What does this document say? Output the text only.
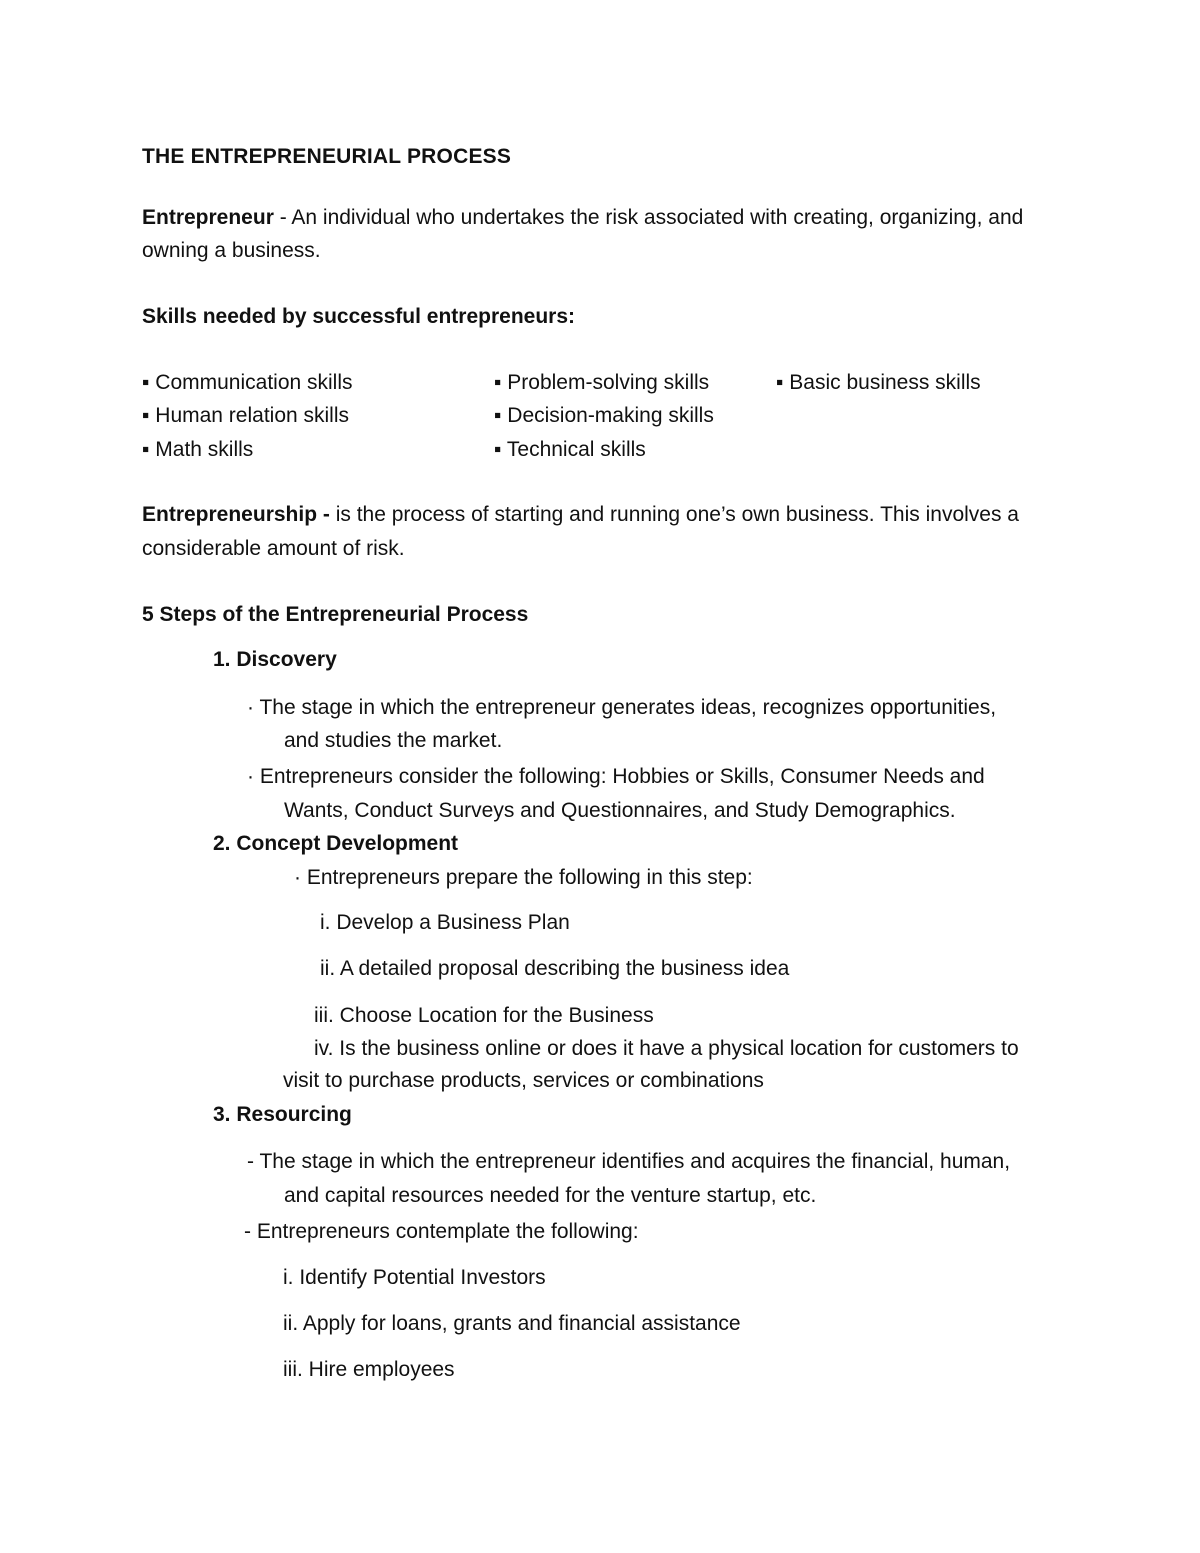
THE ENTREPRENEURIAL PROCESS
Entrepreneur - An individual who undertakes the risk associated with creating, organizing, and
owning a business.
Skills needed by successful entrepreneurs:
▪ Communication skills
▪ Human relation skills
▪ Math skills
▪ Problem-solving skills
▪ Decision-making skills
▪ Technical skills
▪ Basic business skills
Entrepreneurship - is the process of starting and running one’s own business. This involves a
considerable amount of risk.
5 Steps of the Entrepreneurial Process
1. Discovery
· The stage in which the entrepreneur generates ideas, recognizes opportunities,
and studies the market.
· Entrepreneurs consider the following: Hobbies or Skills, Consumer Needs and
Wants, Conduct Surveys and Questionnaires, and Study Demographics.
2. Concept Development
· Entrepreneurs prepare the following in this step:
i. Develop a Business Plan
ii. A detailed proposal describing the business idea
iii. Choose Location for the Business
iv. Is the business online or does it have a physical location for customers to
visit to purchase products, services or combinations
3. Resourcing
- The stage in which the entrepreneur identifies and acquires the financial, human,
and capital resources needed for the venture startup, etc.
- Entrepreneurs contemplate the following:
i. Identify Potential Investors
ii. Apply for loans, grants and financial assistance
iii. Hire employees
